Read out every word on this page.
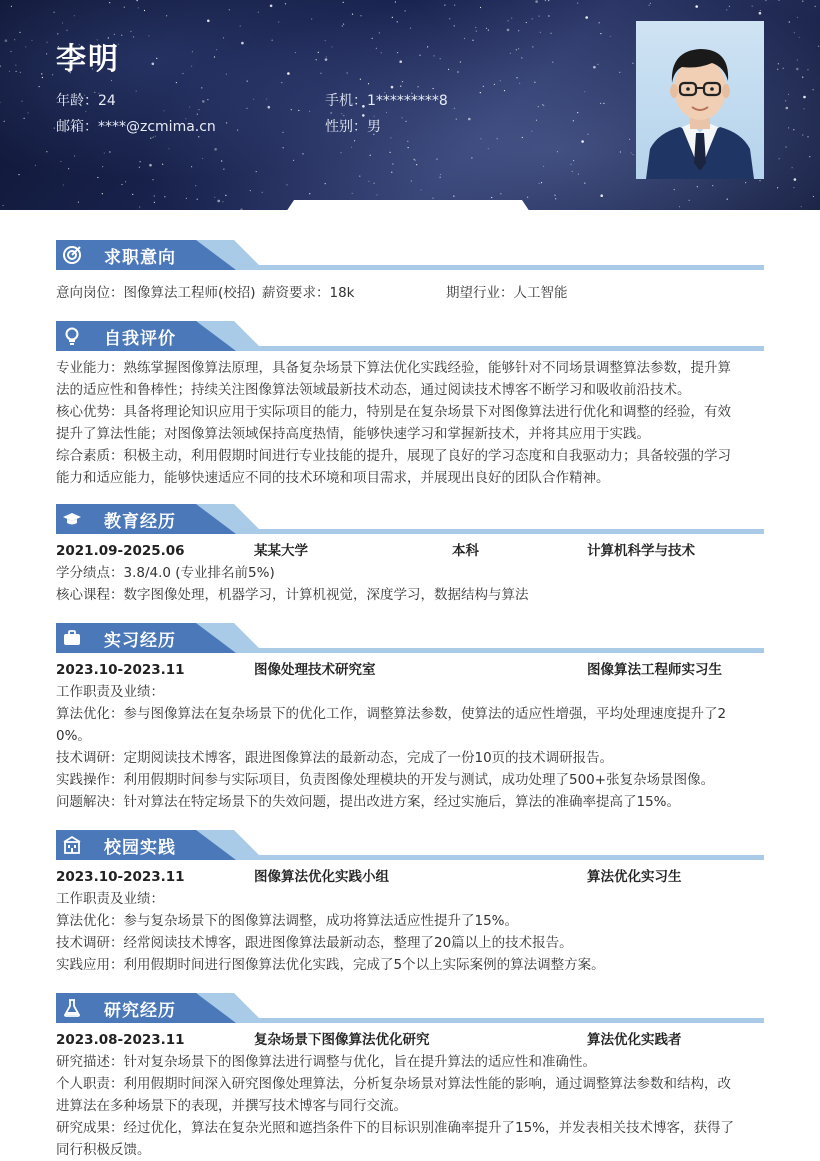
李明
年龄：24	手机：1*********8
邮箱：****@zcmima.cn	性别：男
求职意向
意向岗位：图像算法工程师(校招) 薪资要求：18k	期望行业：人工智能
自我评价
专业能力：熟练掌握图像算法原理，具备复杂场景下算法优化实践经验，能够针对不同场景调整算法参数，提升算
法的适应性和鲁棒性；持续关注图像算法领域最新技术动态，通过阅读技术博客不断学习和吸收前沿技术。
核心优势：具备将理论知识应用于实际项目的能力，特别是在复杂场景下对图像算法进行优化和调整的经验，有效
提升了算法性能；对图像算法领域保持高度热情，能够快速学习和掌握新技术，并将其应用于实践。
综合素质：积极主动，利用假期时间进行专业技能的提升，展现了良好的学习态度和自我驱动力；具备较强的学习
能力和适应能力，能够快速适应不同的技术环境和项目需求，并展现出良好的团队合作精神。
教育经历
2021.09-2025.06	某某大学	本科	计算机科学与技术
学分绩点：3.8/4.0 (专业排名前5%)
核心课程：数字图像处理，机器学习，计算机视觉，深度学习，数据结构与算法
实习经历
2023.10-2023.11	图像处理技术研究室	图像算法工程师实习生
工作职责及业绩：
算法优化：参与图像算法在复杂场景下的优化工作，调整算法参数，使算法的适应性增强，平均处理速度提升了2
0%。
技术调研：定期阅读技术博客，跟进图像算法的最新动态，完成了一份10页的技术调研报告。
实践操作：利用假期时间参与实际项目，负责图像处理模块的开发与测试，成功处理了500+张复杂场景图像。
问题解决：针对算法在特定场景下的失效问题，提出改进方案，经过实施后，算法的准确率提高了15%。
校园实践
2023.10-2023.11	图像算法优化实践小组	算法优化实习生
工作职责及业绩：
算法优化：参与复杂场景下的图像算法调整，成功将算法适应性提升了15%。
技术调研：经常阅读技术博客，跟进图像算法最新动态，整理了20篇以上的技术报告。
实践应用：利用假期时间进行图像算法优化实践，完成了5个以上实际案例的算法调整方案。
研究经历
2023.08-2023.11	复杂场景下图像算法优化研究	算法优化实践者
研究描述：针对复杂场景下的图像算法进行调整与优化，旨在提升算法的适应性和准确性。
个人职责：利用假期时间深入研究图像处理算法，分析复杂场景对算法性能的影响，通过调整算法参数和结构，改
进算法在多种场景下的表现，并撰写技术博客与同行交流。
研究成果：经过优化，算法在复杂光照和遮挡条件下的目标识别准确率提升了15%，并发表相关技术博客，获得了
同行积极反馈。
